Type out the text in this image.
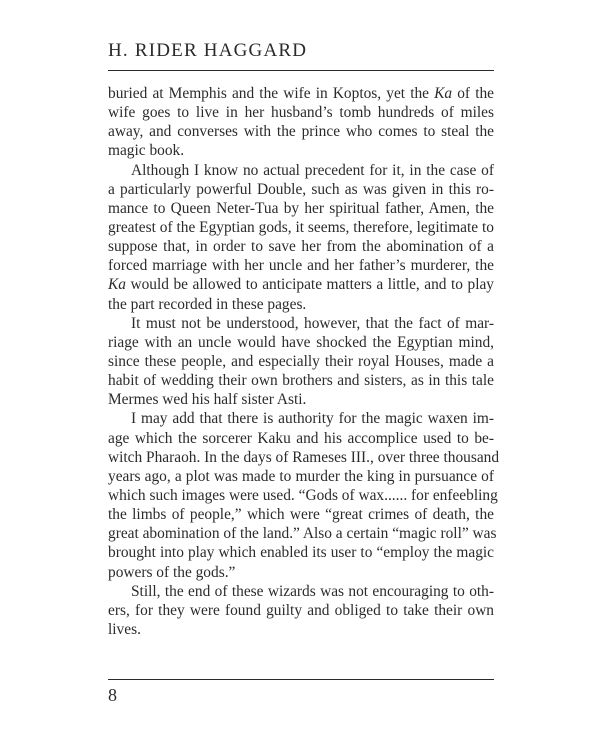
H. RIDER HAGGARD
buried at Memphis and the wife in Koptos, yet the Ka of the
wife goes to live in her husband’s tomb hundreds of miles
away, and converses with the prince who comes to steal the
magic book.
Although I know no actual precedent for it, in the case of
a particularly powerful Double, such as was given in this ro-
mance to Queen Neter-Tua by her spiritual father, Amen, the
greatest of the Egyptian gods, it seems, therefore, legitimate to
suppose that, in order to save her from the abomination of a
forced marriage with her uncle and her father’s murderer, the
Ka would be allowed to anticipate matters a little, and to play
the part recorded in these pages.
It must not be understood, however, that the fact of mar-
riage with an uncle would have shocked the Egyptian mind,
since these people, and especially their royal Houses, made a
habit of wedding their own brothers and sisters, as in this tale
Mermes wed his half sister Asti.
I may add that there is authority for the magic waxen im-
age which the sorcerer Kaku and his accomplice used to be-
witch Pharaoh. In the days of Rameses III., over three thousand
years ago, a plot was made to murder the king in pursuance of
which such images were used. “Gods of wax...... for enfeebling
the limbs of people,” which were “great crimes of death, the
great abomination of the land.” Also a certain “magic roll” was
brought into play which enabled its user to “employ the magic
powers of the gods.”
Still, the end of these wizards was not encouraging to oth-
ers, for they were found guilty and obliged to take their own
lives.
8
